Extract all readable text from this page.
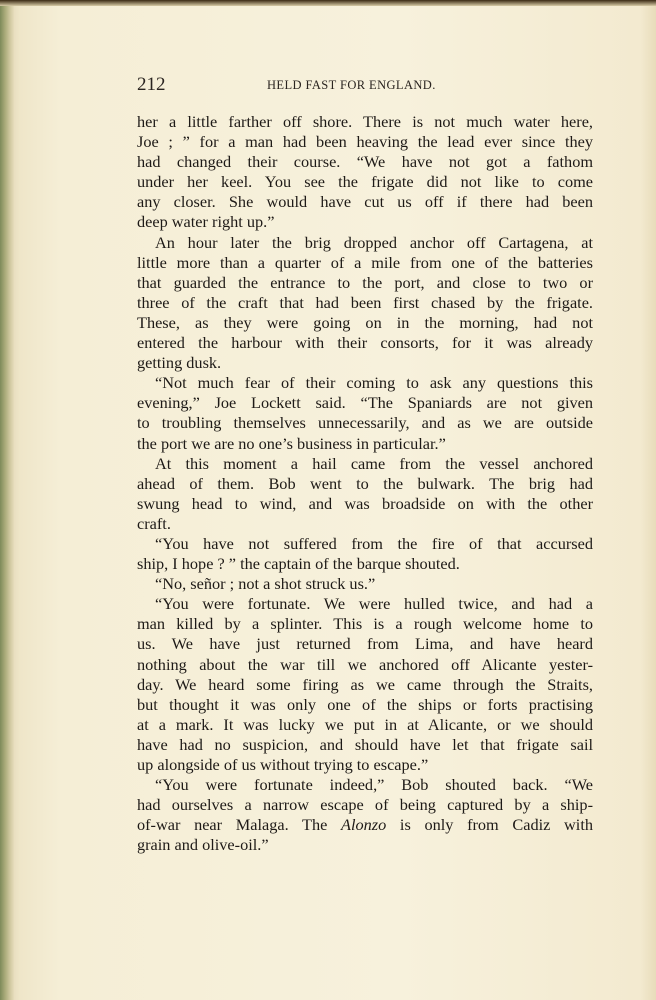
212	HELD FAST FOR ENGLAND.
her a little farther off shore. There is not much water here,
Joe ; ” for a man had been heaving the lead ever since they
had changed their course. “We have not got a fathom
under her keel. You see the frigate did not like to come
any closer. She would have cut us off if there had been
deep water right up.”
An hour later the brig dropped anchor off Cartagena, at
little more than a quarter of a mile from one of the batteries
that guarded the entrance to the port, and close to two or
three of the craft that had been first chased by the frigate.
These, as they were going on in the morning, had not
entered the harbour with their consorts, for it was already
getting dusk.
“Not much fear of their coming to ask any questions this
evening,” Joe Lockett said. “The Spaniards are not given
to troubling themselves unnecessarily, and as we are outside
the port we are no one’s business in particular.”
At this moment a hail came from the vessel anchored
ahead of them. Bob went to the bulwark. The brig had
swung head to wind, and was broadside on with the other
craft.
“You have not suffered from the fire of that accursed
ship, I hope ? ” the captain of the barque shouted.
“No, señor ; not a shot struck us.”
“You were fortunate. We were hulled twice, and had a
man killed by a splinter. This is a rough welcome home to
us. We have just returned from Lima, and have heard
nothing about the war till we anchored off Alicante yester-
day. We heard some firing as we came through the Straits,
but thought it was only one of the ships or forts practising
at a mark. It was lucky we put in at Alicante, or we should
have had no suspicion, and should have let that frigate sail
up alongside of us without trying to escape.”
“You were fortunate indeed,” Bob shouted back. “We
had ourselves a narrow escape of being captured by a ship-
of-war near Malaga. The Alonzo is only from Cadiz with
grain and olive-oil.”
